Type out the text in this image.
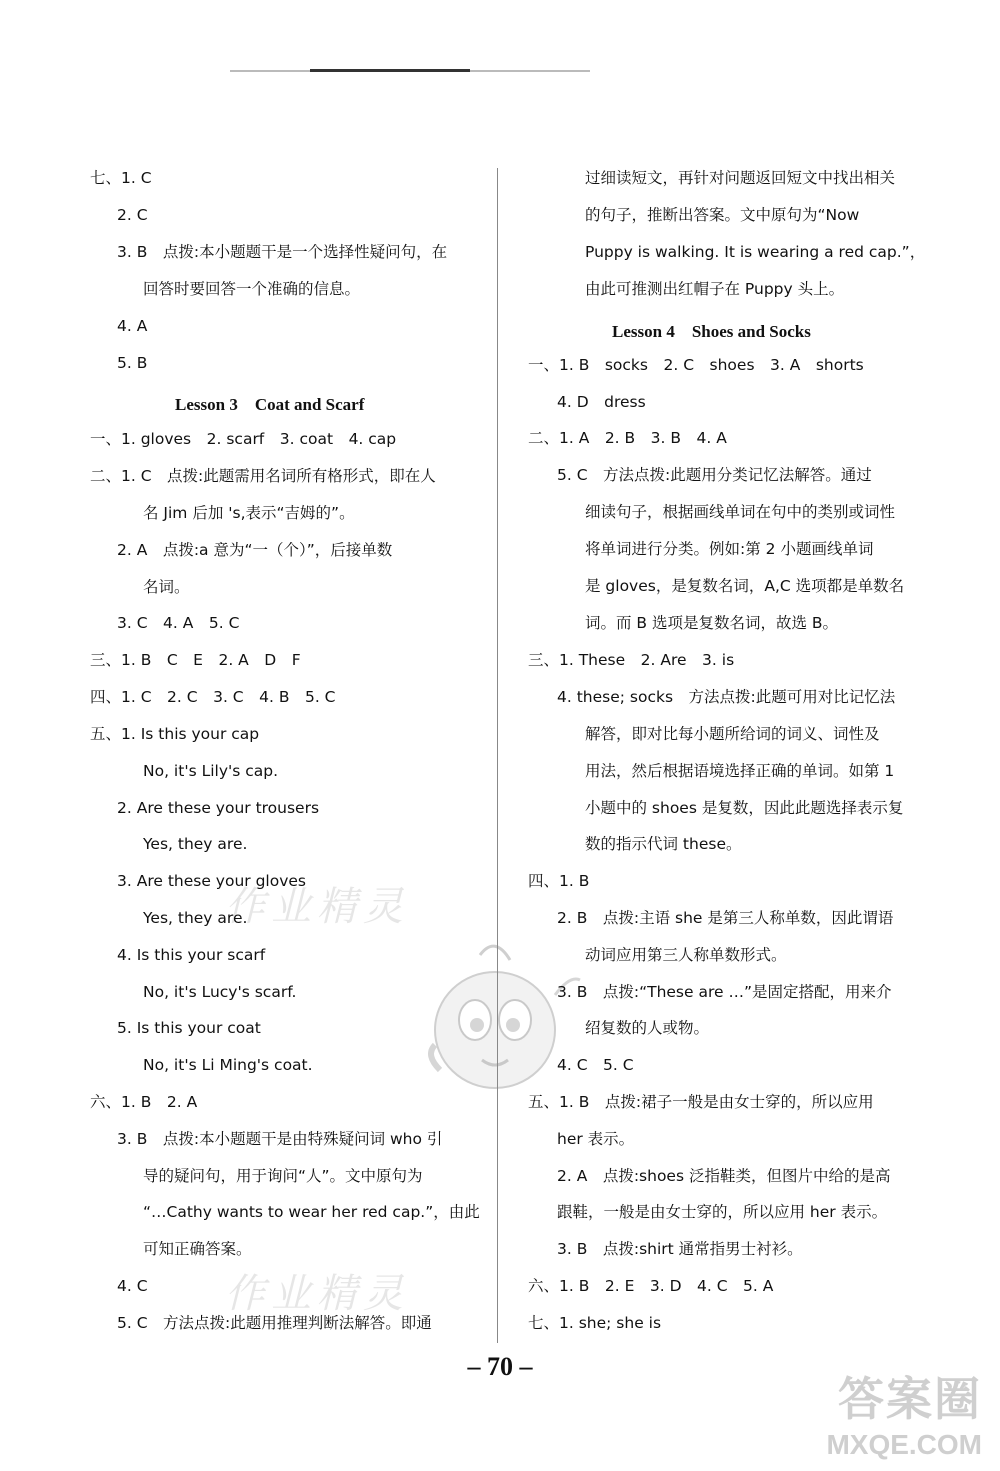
作业精灵
作业精灵
Lesson 3　Coat and Scarf
Lesson 4　Shoes and Socks
– 70 –
答案圈
MXQE.COM
七、1. C
2. C
3. B　点拨:本小题题干是一个选择性疑问句，在
回答时要回答一个准确的信息。
4. A
5. B
一、1. gloves　2. scarf　3. coat　4. cap
二、1. C　点拨:此题需用名词所有格形式，即在人
名 Jim 后加 's,表示“吉姆的”。
2. A　点拨:a 意为“一（个）”，后接单数
名词。
3. C　4. A　5. C
三、1. B　C　E　2. A　D　F
四、1. C　2. C　3. C　4. B　5. C
五、1. Is this your cap
No, it's Lily's cap.
2. Are these your trousers
Yes, they are.
3. Are these your gloves
Yes, they are.
4. Is this your scarf
No, it's Lucy's scarf.
5. Is this your coat
No, it's Li Ming's coat.
六、1. B　2. A
3. B　点拨:本小题题干是由特殊疑问词 who 引
导的疑问句，用于询问“人”。文中原句为
“…Cathy wants to wear her red cap.”，由此
可知正确答案。
4. C
5. C　方法点拨:此题用推理判断法解答。即通
过细读短文，再针对问题返回短文中找出相关
的句子，推断出答案。文中原句为“Now
Puppy is walking. It is wearing a red cap.”，
由此可推测出红帽子在 Puppy 头上。
一、1. B　socks　2. C　shoes　3. A　shorts
4. D　dress
二、1. A　2. B　3. B　4. A
5. C　方法点拨:此题用分类记忆法解答。通过
细读句子，根据画线单词在句中的类别或词性
将单词进行分类。例如:第 2 小题画线单词
是 gloves，是复数名词，A,C 选项都是单数名
词。而 B 选项是复数名词，故选 B。
三、1. These　2. Are　3. is
4. these; socks　方法点拨:此题可用对比记忆法
解答，即对比每小题所给词的词义、词性及
用法，然后根据语境选择正确的单词。如第 1
小题中的 shoes 是复数，因此此题选择表示复
数的指示代词 these。
四、1. B
2. B　点拨:主语 she 是第三人称单数，因此谓语
动词应用第三人称单数形式。
3. B　点拨:“These are …”是固定搭配，用来介
绍复数的人或物。
4. C　5. C
五、1. B　点拨:裙子一般是由女士穿的，所以应用
her 表示。
2. A　点拨:shoes 泛指鞋类，但图片中给的是高
跟鞋，一般是由女士穿的，所以应用 her 表示。
3. B　点拨:shirt 通常指男士衬衫。
六、1. B　2. E　3. D　4. C　5. A
七、1. she; she is
